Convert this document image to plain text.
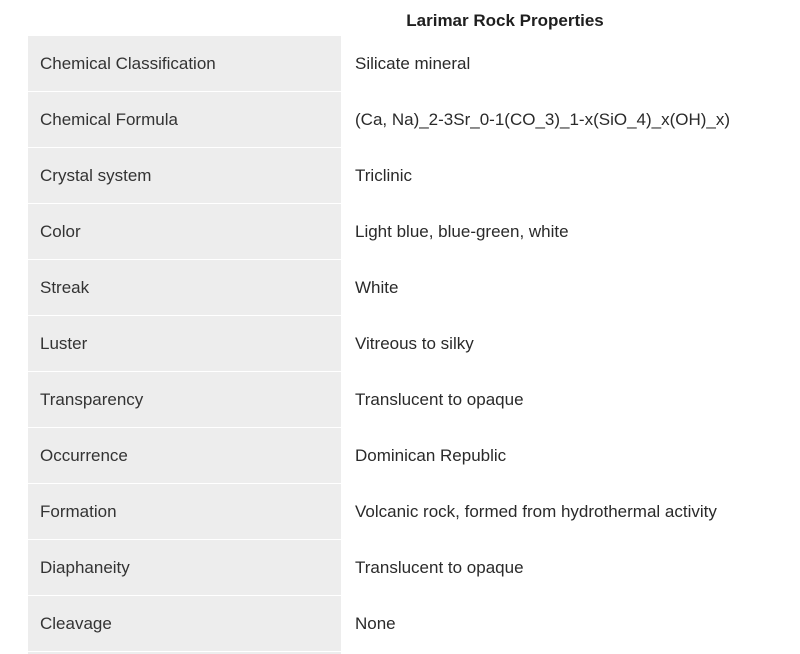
Larimar Rock Properties
Chemical Classification	Silicate mineral
Chemical Formula	(Ca, Na)_2-3Sr_0-1(CO_3)_1-x(SiO_4)_x(OH)_x)
Crystal system	Triclinic
Color	Light blue, blue-green, white
Streak	White
Luster	Vitreous to silky
Transparency	Translucent to opaque
Occurrence	Dominican Republic
Formation	Volcanic rock, formed from hydrothermal activity
Diaphaneity	Translucent to opaque
Cleavage	None
